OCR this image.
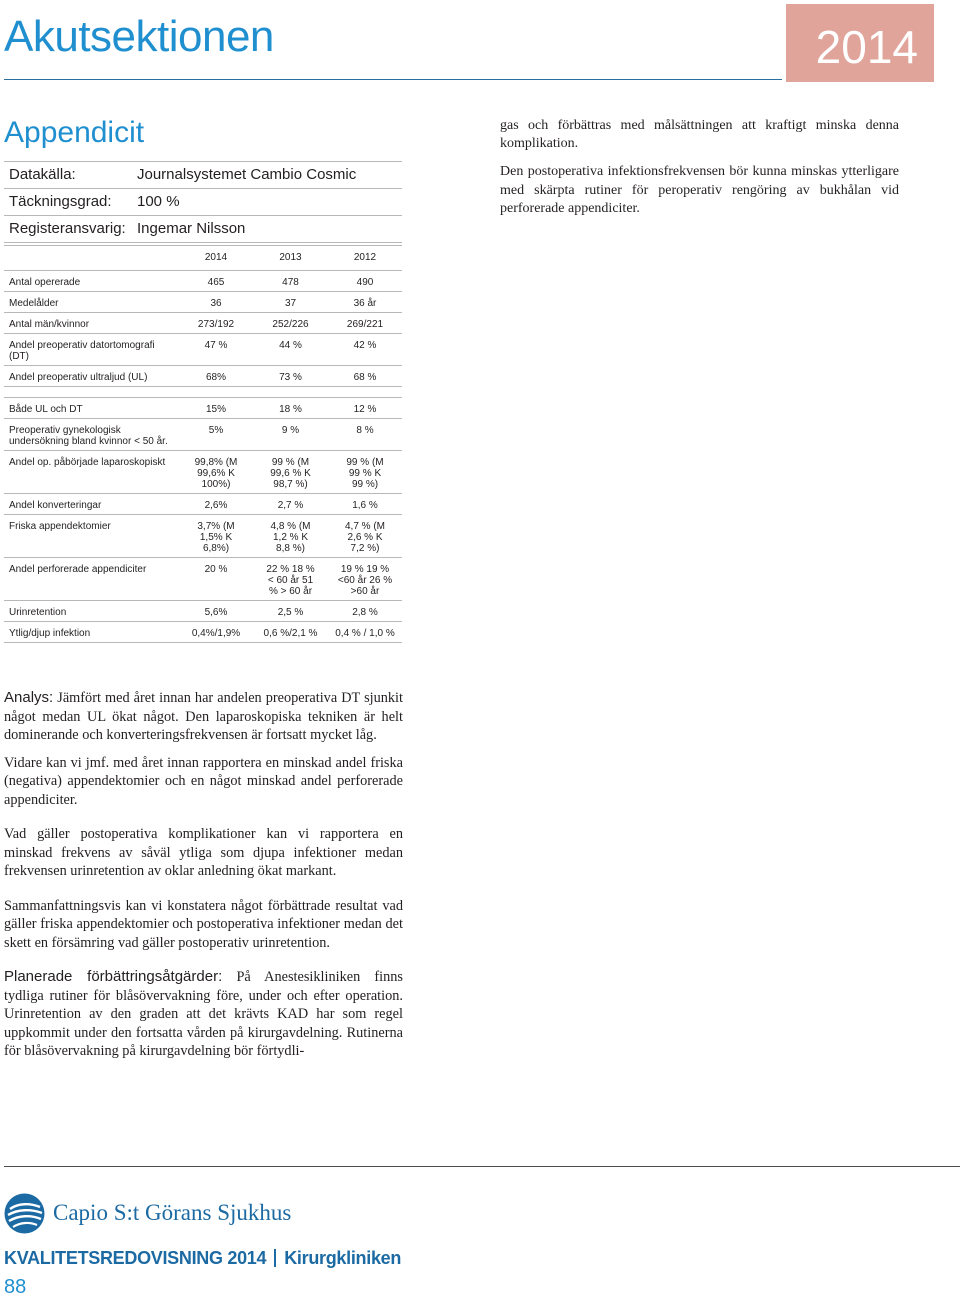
Akutsektionen	2014
Appendicit
Datakälla:	Journalsystemet Cambio Cosmic
Täckningsgrad: 100 %
Registeransvarig: Ingemar Nilsson

gas och förbättras med målsättningen att kraftigt minska denna komplikation.

Den postoperativa infektionsfrekvensen bör kunna minskas ytterligare med skärpta rutiner för peroperativ rengöring av bukhålan vid perforerade appendiciter.

	2014	2013	2012
Antal opererade	465	478	490
Medelålder	36	37	36 år
Antal män/kvinnor	273/192	252/226	269/221
Andel preoperativ datortomografi (DT)	47 %	44 %	42 %
Andel preoperativ ultraljud (UL)	68%	73 %	68 %

Både UL och DT	15%	18 %	12 %
Preoperativ gynekologisk undersökning bland kvinnor < 50 år.	5%	9 %	8 %
Andel op. påbörjade laparoskopiskt	99,8% (M 99,6% K 100%)	99 % (M 99,6 % K 98,7 %)	99 % (M 99 % K 99 %)
Andel konverteringar	2,6%	2,7 %	1,6 %
Friska appendektomier	3,7% (M 1,5% K 6,8%)	4,8 % (M 1,2 % K 8,8 %)	4,7 % (M 2,6 % K 7,2 %)
Andel perforerade appendiciter	20 %	22 % 18 % < 60 år 51 % > 60 år	19 % 19 % <60 år 26 % >60 år
Urinretention	5,6%	2,5 %	2,8 %
Ytlig/djup infektion	0,4%/1,9%	0,6 %/2,1 %	0,4 % / 1,0 %

Analys: Jämfört med året innan har andelen preoperativa DT sjunkit något medan UL ökat något. Den laparoskopiska tekniken är helt dominerande och konverteringsfrekvensen är fortsatt mycket låg.

Vidare kan vi jmf. med året innan rapportera en minskad andel friska (negativa) appendektomier och en något minskad andel perforerade appendiciter.

Vad gäller postoperativa komplikationer kan vi rapportera en minskad frekvens av såväl ytliga som djupa infektioner medan frekvensen urinretention av oklar anledning ökat markant.

Sammanfattningsvis kan vi konstatera något förbättrade resultat vad gäller friska appendektomier och postoperativa infektioner medan det skett en försämring vad gäller postoperativ urinretention.

Planerade förbättringsåtgärder: På Anestesikliniken finns tydliga rutiner för blåsövervakning före, under och efter operation. Urinretention av den graden att det krävts KAD har som regel uppkommit under den fortsatta vården på kirurgavdelning. Rutinerna för blåsövervakning på kirurgavdelning bör förtydli-

Capio S:t Görans Sjukhus
KVALITETSREDOVISNING 2014 Kirurgkliniken
88
